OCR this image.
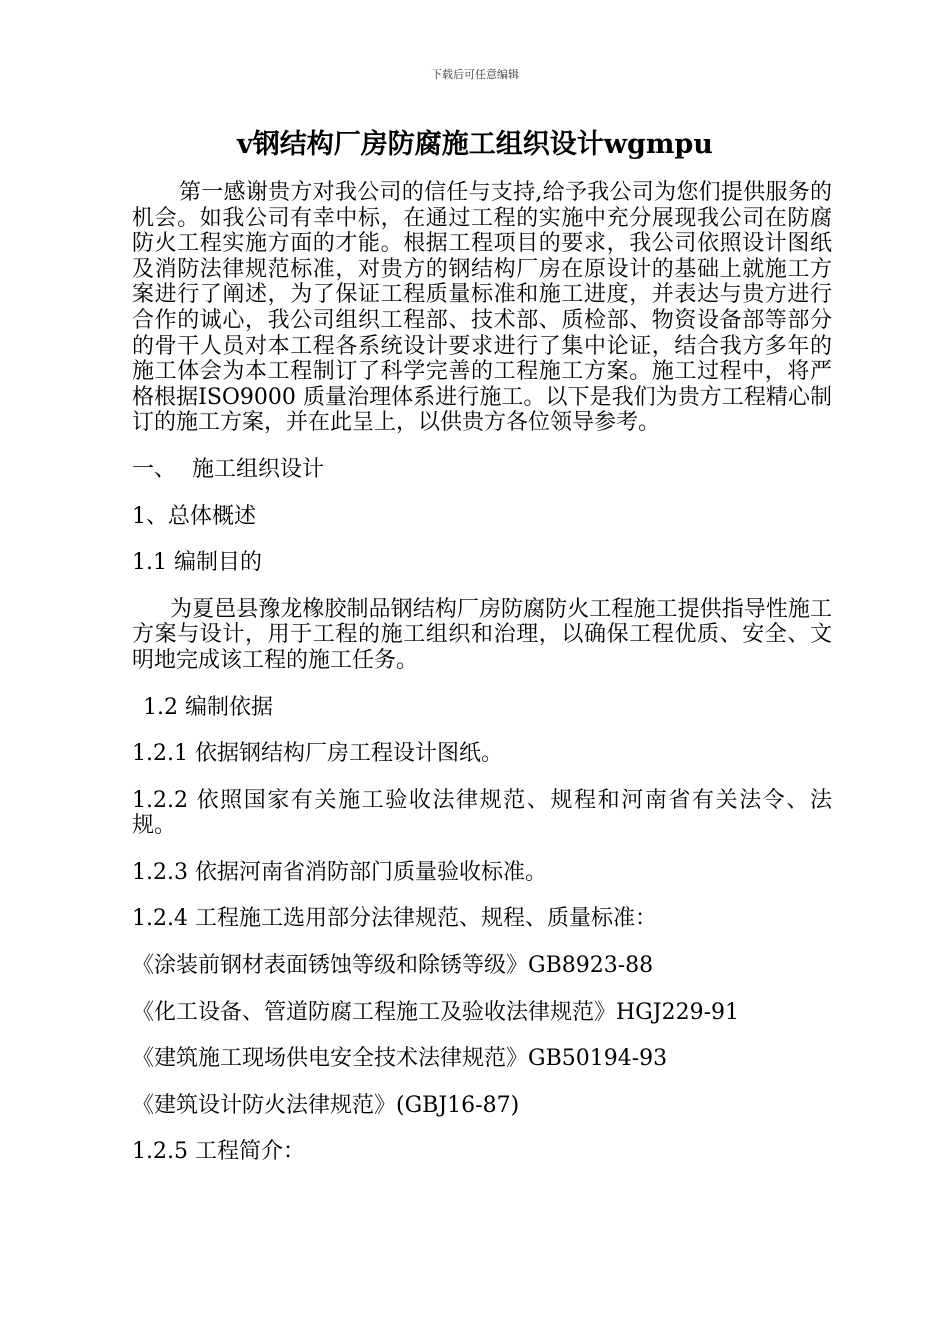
下载后可任意编辑
v钢结构厂房防腐施工组织设计wgmpu

第一感谢贵方对我公司的信任与支持,给予我公司为您们提供服务的机会。如我公司有幸中标，在通过工程的实施中充分展现我公司在防腐防火工程实施方面的才能。根据工程项目的要求，我公司依照设计图纸及消防法律规范标准，对贵方的钢结构厂房在原设计的基础上就施工方案进行了阐述，为了保证工程质量标准和施工进度，并表达与贵方进行合作的诚心，我公司组织工程部、技术部、质检部、物资设备部等部分的骨干人员对本工程各系统设计要求进行了集中论证，结合我方多年的施工体会为本工程制订了科学完善的工程施工方案。施工过程中，将严格根据ISO9000 质量治理体系进行施工。以下是我们为贵方工程精心制订的施工方案，并在此呈上，以供贵方各位领导参考。

一、 施工组织设计

1、总体概述

1.1 编制目的

为夏邑县豫龙橡胶制品钢结构厂房防腐防火工程施工提供指导性施工方案与设计，用于工程的施工组织和治理，以确保工程优质、安全、文明地完成该工程的施工任务。

1.2 编制依据

1.2.1 依据钢结构厂房工程设计图纸。

1.2.2 依照国家有关施工验收法律规范、规程和河南省有关法令、法规。

1.2.3 依据河南省消防部门质量验收标准。

1.2.4 工程施工选用部分法律规范、规程、质量标准：

《涂装前钢材表面锈蚀等级和除锈等级》GB8923-88

《化工设备、管道防腐工程施工及验收法律规范》HGJ229-91

《建筑施工现场供电安全技术法律规范》GB50194-93

《建筑设计防火法律规范》(GBJ16-87)

1.2.5 工程简介：
